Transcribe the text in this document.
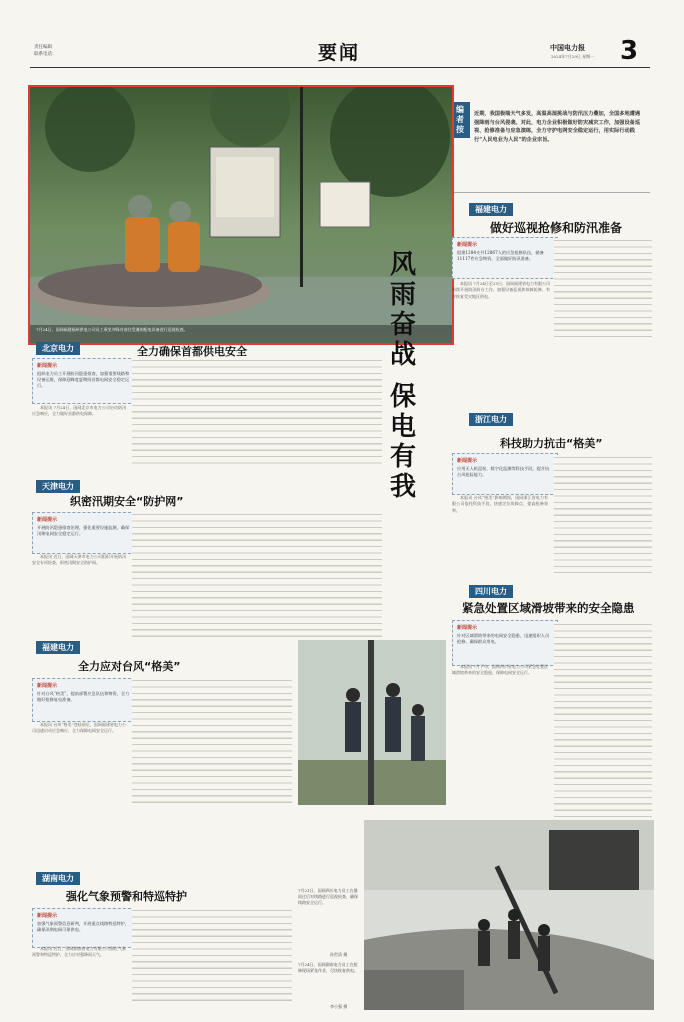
责任编辑
联系电话：	要闻	中国电力报
2024年7月29日 星期一 3
7月24日，国网福建福州供电公司员工乘坐冲锋舟前往受淹的配电设备进行巡视检查。
编者按
近期，我国极端天气多发，高温高湿挑战与防汛压力叠加，全国多地遭遇强降雨与台风侵袭。对此，电力企业积极做好防灾减灾工作，加强设备巡视、抢修准备与应急演练，全力守护电网安全稳定运行，用实际行动践行“人民电业为人民”的企业宗旨。
福建电力
做好巡视抢修和防汛准备
新闻提示
组建1284支共12867人的应急抢修队伍，储备11117件应急物资，全面做好防汛准备。

本报讯 7月24日至25日，国网福建省电力有限公司持续开展防汛防台工作，加强设备巡视和故障抢修，有序恢复受灾地区供电。

风雨奋战
保电有我
北京电力	全力确保首都供电安全
新闻提示
组织电力员工开展防汛隐患排查，加强重要线路和设备运维，保障迎峰度夏期间首都电网安全稳定运行。

本报讯 7月24日，国网北京市电力公司启动防汛应急响应，全力做好首都供电保障。

浙江电力
科技助力抗击“格美”
新闻提示
应用无人机巡检、数字化监测等科技手段，提升抗台风抢险能力。

本报讯 台风“格美”影响期间，国网浙江省电力有限公司依托科技手段，快速定位故障点，提高抢修效率。

天津电力
织密汛期安全“防护网”
新闻提示
开展防汛隐患排查治理，强化重要设施监测，确保汛期电网安全稳定运行。

本报讯 近日，国网天津市电力公司组织开展防汛安全专项检查，织密汛期安全防护网。

四川电力
紧急处置区域滑坡带来的安全隐患
新闻提示
针对区域滑坡带来的电网安全隐患，迅速组织人员抢修，确保群众用电。

本报讯 7月下旬，国网四川省电力公司紧急处置区域滑坡带来的安全隐患，保障电网安全运行。

福建电力
全力应对台风“格美”
新闻提示
针对台风“格美”，提前部署应急队伍和物资，全力做好抢修复电准备。

本报讯 台风“格美”登陆前后，国网福建省电力公司迅速启动应急响应，全力保障电网安全运行。

湖南电力
强化气象预警和特巡特护
新闻提示
加强气象预警信息研判，开展重点线路特巡特护，确保汛期电网可靠供电。

本报讯 近日，国网湖南省电力有限公司强化气象预警和特巡特护，全力应对强降雨天气。

7月21日，国网四川电力员工在暴雨过后对线路进行巡视检查，确保线路安全运行。
孙世清 摄
7月24日，国网湖南电力员工在抢修现场紧张作业，尽快恢复供电。
李小强 摄
